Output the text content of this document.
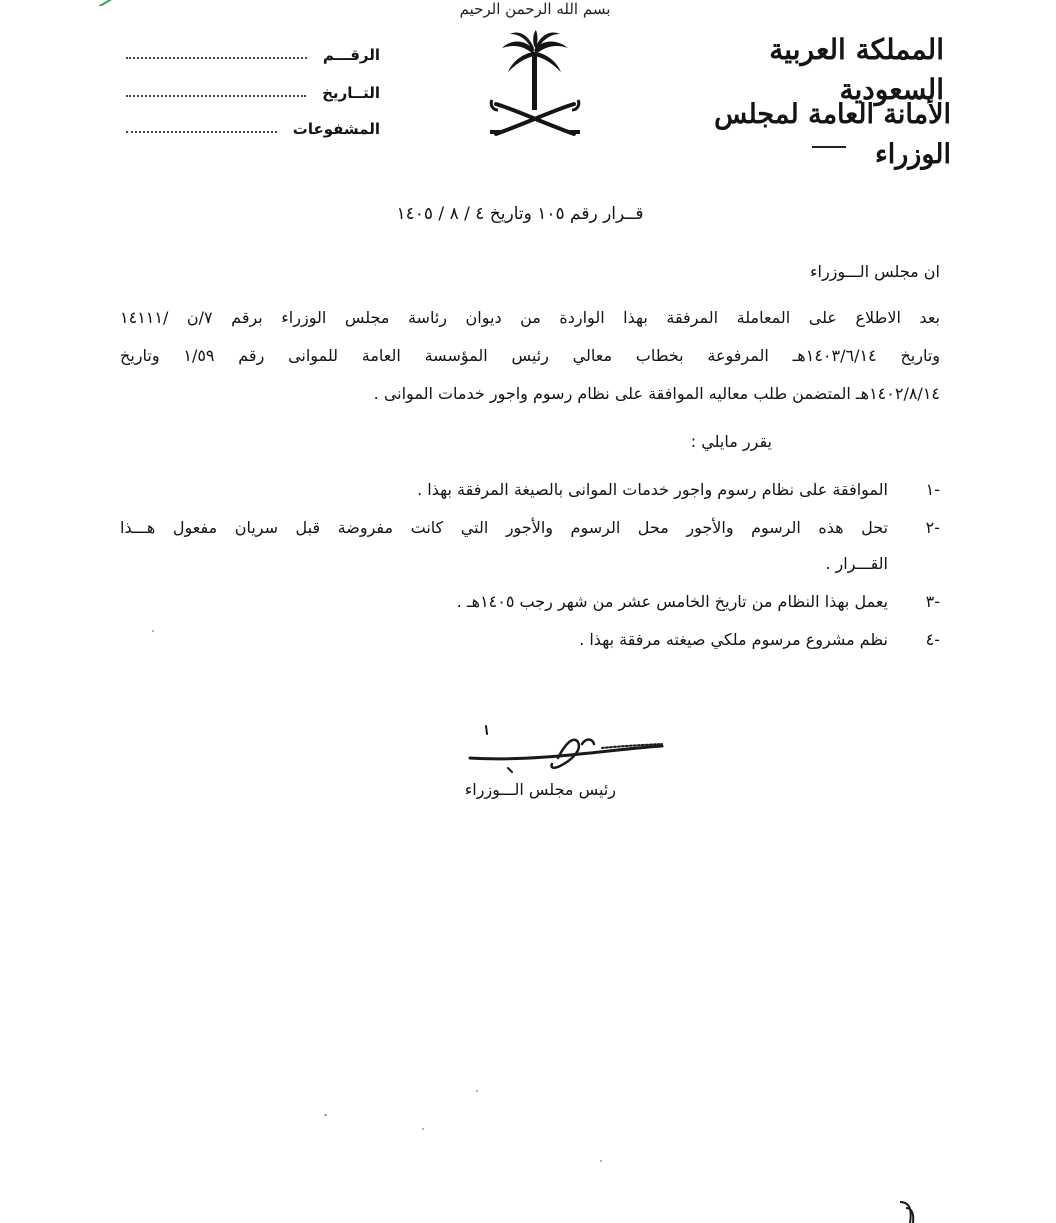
بسم الله الرحمن الرحيم
المملكة العربية السعودية
الأمانة العامة لمجلس الوزراء
الرقـــم
التــاريخ
المشفوعات
قــرار رقم ١٠٥ وتاريخ ٤ / ٨ / ١٤٠٥
ان مجلس الـــوزراء
بعد الاطلاع على المعاملة المرفقة بهذا الواردة من ديوان رئاسة مجلس الوزراء برقم ٧/ن /١٤١١١
وتاريخ ١٤٠٣/٦/١٤هـ المرفوعة بخطاب معالي رئيس المؤسسة العامة للموانى رقم ١/٥٩ وتاريخ
١٤٠٢/٨/١٤هـ المتضمن طلب معاليه الموافقة على نظام رسوم واجور خدمات الموانى .
يقرر مايلي :
١-
الموافقة على نظام رسوم واجور خدمات الموانى بالصيغة المرفقة بهذا .
٢-
تحل هذه الرسوم والأجور محل الرسوم والأجور التي كانت مفروضة قبل سريان مفعول هـــذا
القـــرار .
٣-
يعمل بهذا النظام من تاريخ الخامس عشر من شهر رجب ١٤٠٥هـ .
٤-
نظم مشروع مرسوم ملكي صيغته مرفقة بهذا .
رئيس مجلس الـــوزراء
